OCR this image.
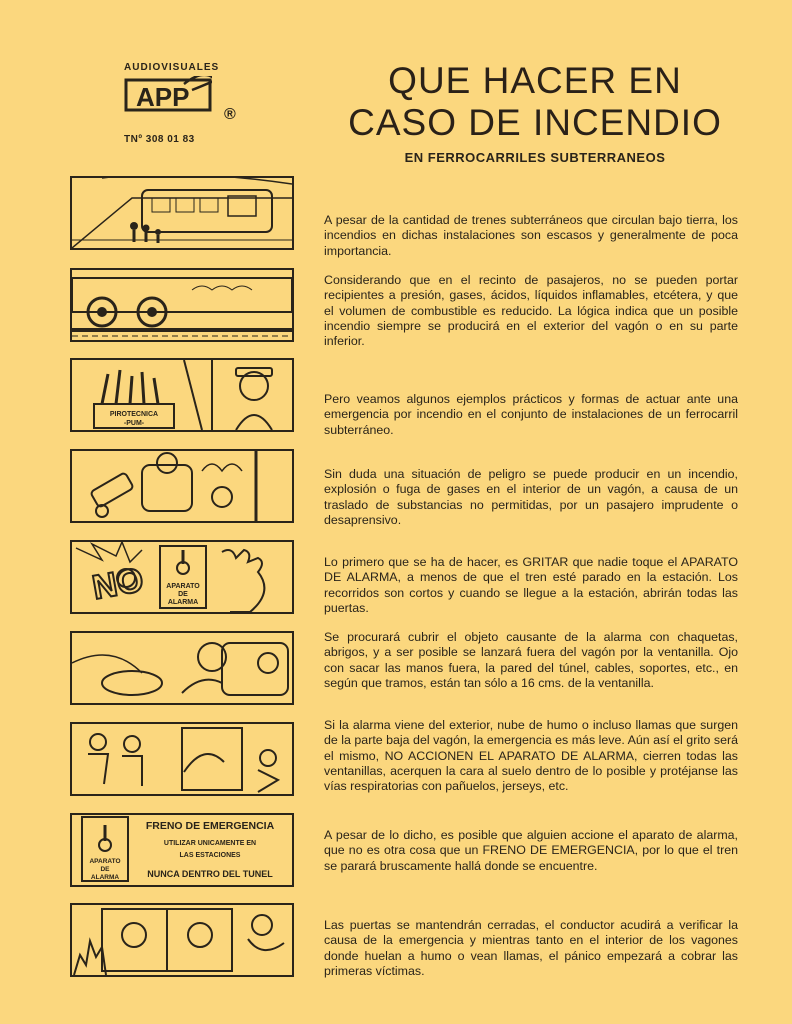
AUDIOVISUALES
APP
®
TNº 308 01 83
QUE HACER EN
CASO DE INCENDIO
EN FERROCARRILES SUBTERRANEOS
PIROTECNICA
-PUM-
NO	APARATO
DE
ALARMA
APARATO
DE
ALARMA
FRENO DE EMERGENCIA
UTILIZAR UNICAMENTE EN
LAS ESTACIONES
NUNCA DENTRO DEL TUNEL
A pesar de la cantidad de trenes subterráneos que circulan bajo tierra, los incendios en dichas instalaciones son escasos y generalmente de poca importancia.
Considerando que en el recinto de pasajeros, no se pueden portar recipientes a presión, gases, ácidos, líquidos inflamables, etcétera, y que el volumen de combustible es reducido. La lógica indica que un posible incendio siempre se producirá en el exterior del vagón o en su parte inferior.
Pero veamos algunos ejemplos prácticos y formas de actuar ante una emergencia por incendio en el conjunto de instalaciones de un ferrocarril subterráneo.
Sin duda una situación de peligro se puede producir en un incendio, explosión o fuga de gases en el interior de un vagón, a causa de un traslado de substancias no permitidas, por un pasajero imprudente o desaprensivo.
Lo primero que se ha de hacer, es GRITAR que nadie toque el APARATO DE ALARMA, a menos de que el tren esté parado en la estación. Los recorridos son cortos y cuando se llegue a la estación, abrirán todas las puertas.
Se procurará cubrir el objeto causante de la alarma con chaquetas, abrigos, y a ser posible se lanzará fuera del vagón por la ventanilla. Ojo con sacar las manos fuera, la pared del túnel, cables, soportes, etc., en según que tramos, están tan sólo a 16 cms. de la ventanilla.
Si la alarma viene del exterior, nube de humo o incluso llamas que surgen de la parte baja del vagón, la emergencia es más leve. Aún así el grito será el mismo, NO ACCIONEN EL APARATO DE ALARMA, cierren todas las ventanillas, acerquen la cara al suelo dentro de lo posible y protéjanse las vías respiratorias con pañuelos, jerseys, etc.
A pesar de lo dicho, es posible que alguien accione el aparato de alarma, que no es otra cosa que un FRENO DE EMERGENCIA, por lo que el tren se parará bruscamente hallá donde se encuentre.
Las puertas se mantendrán cerradas, el conductor acudirá a verificar la causa de la emergencia y mientras tanto en el interior de los vagones donde huelan a humo o vean llamas, el pánico empezará a cobrar las primeras víctimas.
